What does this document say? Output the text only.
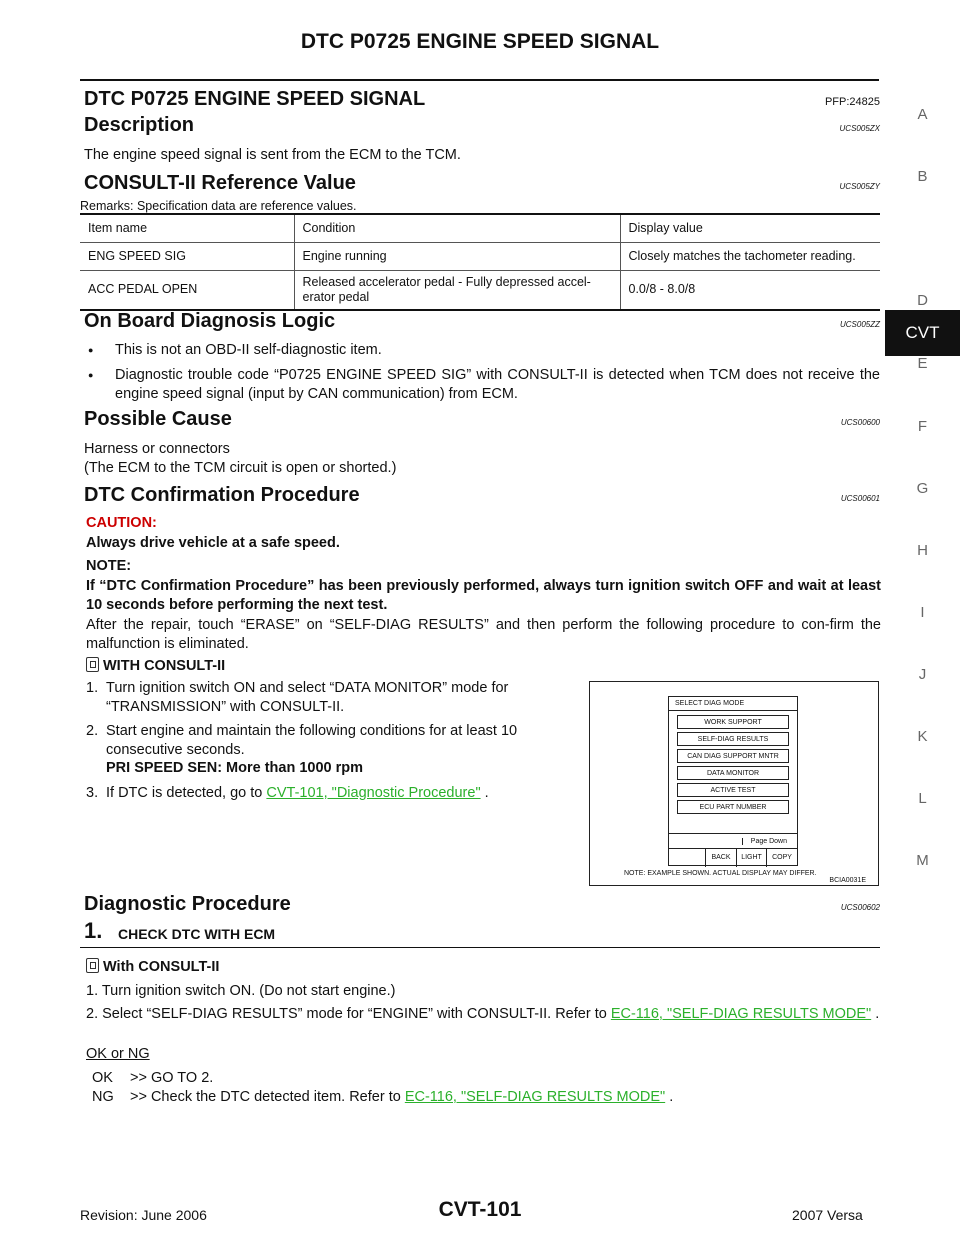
DTC P0725 ENGINE SPEED SIGNAL
A
B
CVT
D
E
F
G
H
I
J
K
L
M
DTC P0725 ENGINE SPEED SIGNAL	PFP:24825
Description	UCS005ZX
The engine speed signal is sent from the ECM to the TCM.
CONSULT-II Reference Value	UCS005ZY
Remarks: Specification data are reference values.
On Board Diagnosis Logic	UCS005ZZ
● This is not an OBD-II self-diagnostic item.
● Diagnostic trouble code “P0725 ENGINE SPEED SIG” with CONSULT-II is detected when TCM does not receive the engine speed signal (input by CAN communication) from ECM.
Possible Cause	UCS00600
Harness or connectors
(The ECM to the TCM circuit is open or shorted.)
DTC Confirmation Procedure	UCS00601
Item name	Condition	Display value
ENG SPEED SIG	Engine running	Closely matches the tachometer reading.
ACC PEDAL OPEN	Released accelerator pedal - Fully depressed accel-
erator pedal	0.0/8 - 8.0/8
CAUTION:
Always drive vehicle at a safe speed.
NOTE:
If “DTC Confirmation Procedure” has been previously performed, always turn ignition switch OFF and wait at least 10 seconds before performing the next test.
After the repair, touch “ERASE” on “SELF-DIAG RESULTS” and then perform the following procedure to con-firm the malfunction is eliminated.
WITH CONSULT-II
1. Turn ignition switch ON and select “DATA MONITOR” mode for “TRANSMISSION” with CONSULT-II.
2. Start engine and maintain the following conditions for at least 10 consecutive seconds.
PRI SPEED SEN: More than 1000 rpm
3. If DTC is detected, go to CVT-101, "Diagnostic Procedure" .
SELECT DIAG MODE
WORK SUPPORT
SELF-DIAG RESULTS
CAN DIAG SUPPORT MNTR
DATA MONITOR
ACTIVE TEST
ECU PART NUMBER
Page Down
BACK	LIGHT	COPY
NOTE: EXAMPLE SHOWN. ACTUAL DISPLAY MAY DIFFER.
BCIA0031E
Diagnostic Procedure	UCS00602
1. CHECK DTC WITH ECM
With CONSULT-II
1. Turn ignition switch ON. (Do not start engine.)
2. Select “SELF-DIAG RESULTS” mode for “ENGINE” with CONSULT-II. Refer to EC-116, "SELF-DIAG RESULTS MODE" .
OK or NG
OK >> GO TO 2.
NG >> Check the DTC detected item. Refer to EC-116, "SELF-DIAG RESULTS MODE" .
Revision: June 2006	CVT-101	2007 Versa
